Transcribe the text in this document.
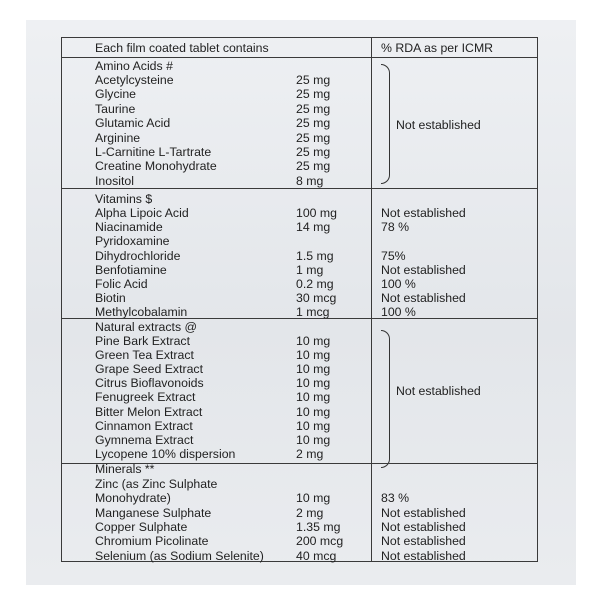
Each film coated tablet contains	% RDA as per ICMR
Amino Acids #
Acetylcysteine	25 mg
Glycine	25 mg
Taurine	25 mg
Glutamic Acid	25 mg
Arginine	25 mg
L-Carnitine L-Tartrate	25 mg
Creatine Monohydrate	25 mg
Inositol	8 mg
Not established
Vitamins $
Alpha Lipoic Acid	100 mg	Not established
Niacinamide	14 mg	78 %
Pyridoxamine
Dihydrochloride	1.5 mg	75%
Benfotiamine	1 mg	Not established
Folic Acid	0.2 mg	100 %
Biotin	30 mcg	Not established
Methylcobalamin	1 mcg	100 %
Natural extracts @
Pine Bark Extract	10 mg
Green Tea Extract	10 mg
Grape Seed Extract	10 mg
Citrus Bioflavonoids	10 mg
Fenugreek Extract	10 mg
Bitter Melon Extract	10 mg
Cinnamon Extract	10 mg
Gymnema Extract	10 mg
Lycopene 10% dispersion	2 mg
Not established
Minerals **
Zinc (as Zinc Sulphate
Monohydrate)	10 mg	83 %
Manganese Sulphate	2 mg	Not established
Copper Sulphate	1.35 mg	Not established
Chromium Picolinate	200 mcg	Not established
Selenium (as Sodium Selenite)	40 mcg	Not established
